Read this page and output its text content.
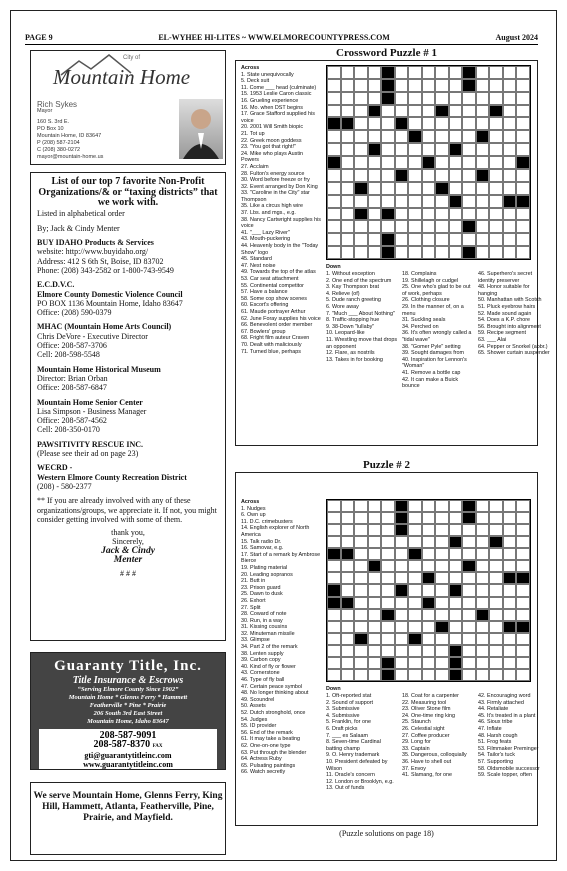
PAGE 9	EL-WYHEE HI-LITES ~ WWW.ELMORECOUNTYPRESS.COM	August 2024
City of
Mountain Home
Rich Sykes
Mayor
160 S. 3rd E.
PO Box 10
Mountain Home, ID 83647
P (208) 587-2104
C (208) 380-0272
mayor@mountain-home.us
List of our top 7 favorite Non-Profit Organizations/& or “taxing districts” that we work with.

Listed in alphabetical order

By; Jack & Cindy Menter

BUY IDAHO Products & Services

website: http://www.buyidaho.org/

Address: 412 S 6th St, Boise, ID 83702

Phone: (208) 343-2582 or 1-800-743-9549

E.C.D.V.C.

Elmore County Domestic Violence Council

PO BOX 1136 Mountain Home, Idaho 83647

Office: (208) 590-0379

MHAC (Mountain Home Arts Council)

Chris DeVore - Executive Director

Office: 208-587-3706

Cell: 208-598-5548

Mountain Home Historical Museum

Director: Brian Orban

Office: 208-587-6847

Mountain Home Senior Center

Lisa Simpson - Business Manager

Office: 208-587-4562

Cell: 208-350-0170

PAWSITIVITY RESCUE INC.

(Please see their ad on page 23)

WECRD -

Western Elmore County Recreation District

(208) - 580-2377

** If you are already involved with any of these organizations/groups, we appreciate it. If not, you might consider getting involved with some of them.

thank you,

Sincerely,

Jack & Cindy

Menter

# # #

Guaranty Title, Inc.
Title Insurance & Escrows
“Serving Elmore County Since 1902”
Mountain Home * Glenns Ferry * Hammett
Featherville * Pine * Prairie
206 South 3rd East Street
Mountain Home, Idaho 83647
208-587-9091
208-587-8370 FAX
gti@guarantytitleinc.com
www.guarantytitleinc.com
We serve Mountain Home, Glenns Ferry, King Hill, Hammett, Atlanta, Featherville, Pine, Prairie, and Mayfield.
Crossword Puzzle # 1
Across
1. State unequivocally
5. Deck suit
11. Come ___ head (culminate)
15. 1953 Leslie Caron classic
16. Grueling experience
16. Mo. when DST begins
17. Grace Stafford supplied his voice
20. 2001 Will Smith biopic
21. Tot up
22. Greek moon goddess
23. "You got that right!"
24. Mike who plays Austin Powers
27. Acclaim
28. Fulton's energy source
30. Word before freeze or fry
32. Event arranged by Don King
33. "Caroline in the City" star Thompson
35. Like a circus high wire
37. Lbs. and mgs., e.g.
38. Nancy Cartwright supplies his voice
41. "___ Lazy River"
43. Mouth-puckering
44. Heavenly body in the "Today Show" logo
45. Standard
47. Nest noise
49. Towards the top of the atlas
53. Car seat attachment
55. Continental competitor
57. Have a balance
58. Some cop show scenes
60. Escort's offering
61. Maude portrayer Arthur
62. June Foray supplies his voice
66. Benevolent order member
67. Bowlers' group
68. Fright film auteur Craven
70. Dealt with maliciously
71. Turned blue, perhaps
Down
1. Without exception
2. One end of the spectrum
3. Kay Thompson brat
4. Relieve (of)
5. Dude ranch greeting
6. Wore away
7. "Much ___ About Nothing"
8. Traffic-stopping hue
9. 38-Down "lullaby"
10. Leopard-like
11. Wrestling move that drops an opponent
12. Flare, as nostrils
13. Takes in for booking
18. Complains
19. Shillelagh or cudgel
25. One who's glad to be out of work, perhaps
26. Clothing closure
29. In the manner of, on a menu
31. Suckling seals
34. Perched on
36. It's often wrongly called a "tidal wave"
38. "Gomer Pyle" setting
39. Sought damages from
40. Inspiration for Lennon's "Woman"
41. Remove a bottle cap
42. It can make a Buick bounce
46. Superhero's secret identity preserver
48. Honor suitable for hanging
50. Manhattan with Scotch
51. Pluck eyebrow hairs
52. Made sound again
54. Does a K.P. chore
56. Brought into alignment
59. Recipe segment
63. ___ Alai
64. Pepper or Snorkel (abbr.)
65. Shower curtain suspender
Puzzle # 2
Across
1. Nudges
6. Own up
11. D.C. crimebusters
14. English explorer of North America
15. Talk radio Dr.
16. Samovar, e.g.
17. Start of a remark by Ambrose Bierce
19. Plating material
20. Leading sopranos
21. Butt in
23. Prison guard
25. Dawn to dusk
26. Exhort
27. Split
28. Coward of note
30. Run, in a way
31. Kissing cousins
32. Minuteman missile
33. Glimpse
34. Part 2 of the remark
38. Lenten supply
39. Carbon copy
40. Kind of fly or flower
43. Cornerstone
46. Type of fly ball
47. Certain peace symbol
48. No longer thinking about
49. Scoundrel
50. Assets
52. Dutch stronghold, once
54. Judges
55. ID provider
56. End of the remark
61. It may take a beating
62. One-on-one type
63. Put through the blender
64. Actress Ruby
65. Pulsating paintings
66. Watch secretly
Down
1. Oft-reported stat
2. Sound of support
3. Submissive
4. Submissive
5. Franklin, for one
6. Draft picks
7. ___ es Salaam
8. Seven-time Cardinal batting champ
9. O. Henry trademark
10. President defeated by Wilson
11. Oracle's concern
12. London or Brooklyn, e.g.
13. Out of funds
18. Coat for a carpenter
22. Measuring tool
23. Oliver Stone film
24. One-time ring king
25. Staunch
26. Celestial sight
27. Coffee producer
29. Long for
33. Captain
35. Dangerous, colloquially
36. Have to shell out
37. Envoy
41. Slamang, for one
42. Encouraging word
43. Firmly attached
44. Retaliate
45. It's treated in a plant
46. Sioux tribe
47. Inflate
48. Harsh cough
51. Frog feats
53. Filmmaker Preminger
54. Tailor's tuck
57. Supporting
58. Oldsmobile successor
59. Scale topper, often
(Puzzle solutions on page 18)
